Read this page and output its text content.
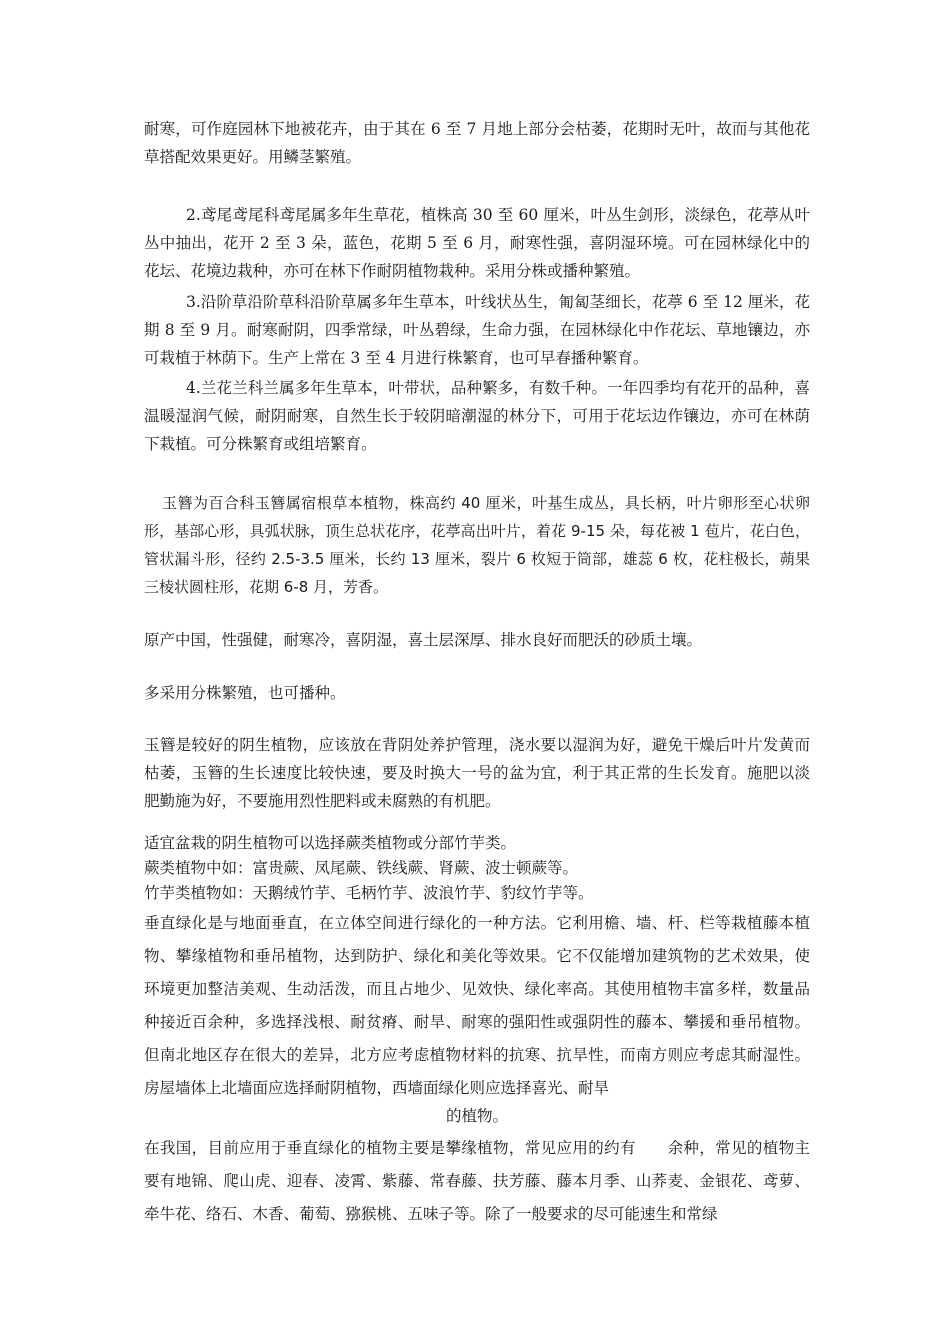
耐寒，可作庭园林下地被花卉，由于其在 6 至 7 月地上部分会枯萎，花期时无叶，故而与其他花草搭配效果更好。用鳞茎繁殖。

2.鸢尾鸢尾科鸢尾属多年生草花，植株高 30 至 60 厘米，叶丛生剑形，淡绿色，花葶从叶丛中抽出，花开 2 至 3 朵，蓝色，花期 5 至 6 月，耐寒性强，喜阴湿环境。可在园林绿化中的花坛、花境边栽种，亦可在林下作耐阴植物栽种。采用分株或播种繁殖。

3.沿阶草沿阶草科沿阶草属多年生草本，叶线状丛生，匍匐茎细长，花葶 6 至 12 厘米，花期 8 至 9 月。耐寒耐阴，四季常绿，叶丛碧绿，生命力强，在园林绿化中作花坛、草地镶边，亦可栽植于林荫下。生产上常在 3 至 4 月进行株繁育，也可早春播种繁育。

4.兰花兰科兰属多年生草本，叶带状，品种繁多，有数千种。一年四季均有花开的品种，喜温暖湿润气候，耐阴耐寒，自然生长于较阴暗潮湿的林分下，可用于花坛边作镶边，亦可在林荫下栽植。可分株繁育或组培繁育。

玉簪为百合科玉簪属宿根草本植物，株高约 40 厘米，叶基生成丛，具长柄，叶片卵形至心状卵形，基部心形，具弧状脉，顶生总状花序，花葶高出叶片，着花 9-15 朵，每花被 1 苞片，花白色，管状漏斗形，径约 2.5-3.5 厘米，长约 13 厘米，裂片 6 枚短于筒部，雄蕊 6 枚，花柱极长，蒴果三棱状圆柱形，花期 6-8 月，芳香。

原产中国，性强健，耐寒冷，喜阴湿，喜土层深厚、排水良好而肥沃的砂质土壤。

多采用分株繁殖，也可播种。

玉簪是较好的阴生植物，应该放在背阴处养护管理，浇水要以湿润为好，避免干燥后叶片发黄而枯萎，玉簪的生长速度比较快速，要及时换大一号的盆为宜，利于其正常的生长发育。施肥以淡肥勤施为好，不要施用烈性肥料或未腐熟的有机肥。

适宜盆栽的阴生植物可以选择蕨类植物或分部竹芋类。
蕨类植物中如：富贵蕨、凤尾蕨、铁线蕨、肾蕨、波士顿蕨等。
竹芋类植物如：天鹅绒竹芋、毛柄竹芋、波浪竹芋、豹纹竹芋等。

垂直绿化是与地面垂直，在立体空间进行绿化的一种方法。它利用檐、墙、杆、栏等栽植藤本植物、攀缘植物和垂吊植物，达到防护、绿化和美化等效果。它不仅能增加建筑物的艺术效果，使环境更加整洁美观、生动活泼，而且占地少、见效快、绿化率高。其使用植物丰富多样，数量品种接近百余种，多选择浅根、耐贫瘠、耐旱、耐寒的强阳性或强阴性的藤本、攀援和垂吊植物。但南北地区存在很大的差异，北方应考虑植物材料的抗寒、抗旱性，而南方则应考虑其耐湿性。房屋墙体上北墙面应选择耐阴植物，西墙面绿化则应选择喜光、耐旱

的植物。

在我国，目前应用于垂直绿化的植物主要是攀缘植物，常见应用的约有　　余种，常见的植物主要有地锦、爬山虎、迎春、凌霄、紫藤、常春藤、扶芳藤、藤本月季、山荞麦、金银花、鸢萝、牵牛花、络石、木香、葡萄、猕猴桃、五味子等。除了一般要求的尽可能速生和常绿
